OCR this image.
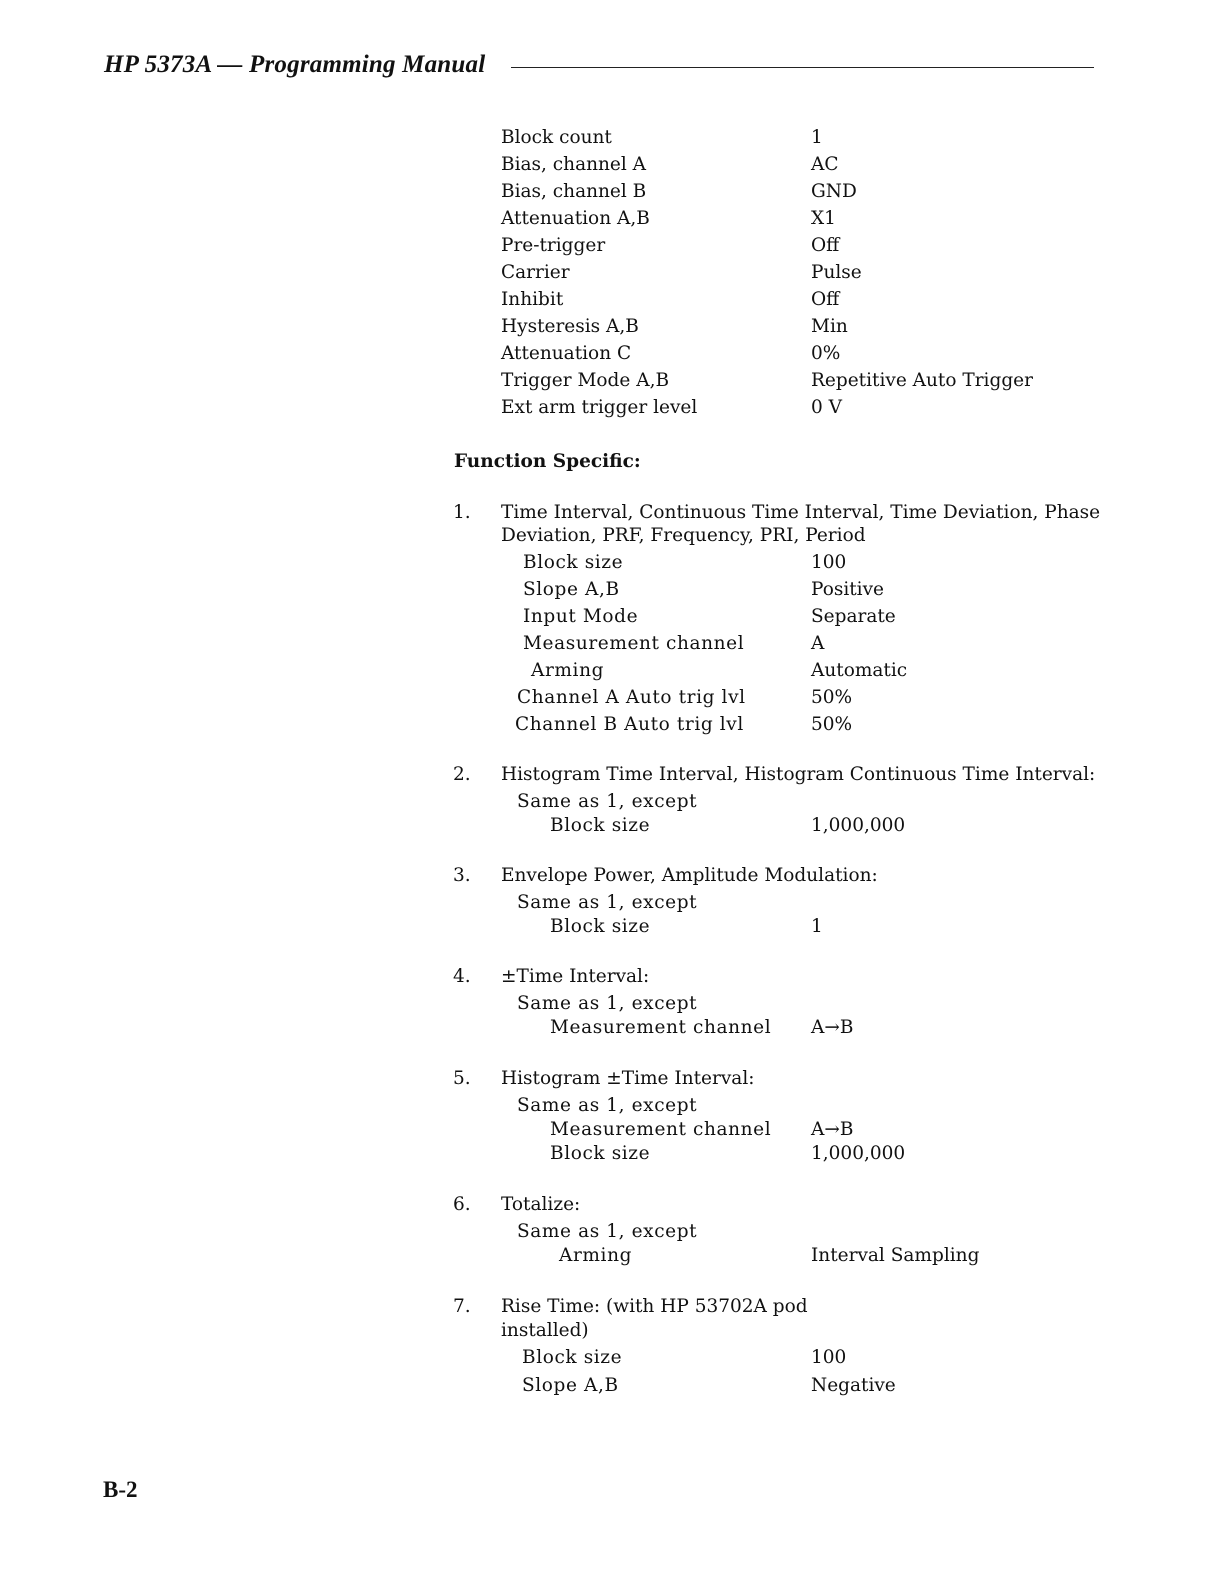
HP 5373A — Programming Manual
Block count	1
Bias, channel A	AC
Bias, channel B	GND
Attenuation A,B	X1
Pre-trigger	Off
Carrier	Pulse
Inhibit	Off
Hysteresis A,B	Min
Attenuation C	0%
Trigger Mode A,B	Repetitive Auto Trigger
Ext arm trigger level	0 V
Function Specific:
1. Time Interval, Continuous Time Interval, Time Deviation, Phase
Deviation, PRF, Frequency, PRI, Period
Block size	100
Slope A,B	Positive
Input Mode	Separate
Measurement channel	A
Arming	Automatic
Channel A Auto trig lvl	50%
Channel B Auto trig lvl	50%
2. Histogram Time Interval, Histogram Continuous Time Interval:
Same as 1, except
Block size	1,000,000
3. Envelope Power, Amplitude Modulation:
Same as 1, except
Block size	1
4. ±Time Interval:
Same as 1, except
Measurement channel A→B
5. Histogram ±Time Interval:
Same as 1, except
Measurement channel A→B
Block size	1,000,000
6. Totalize:
Same as 1, except
Arming	Interval Sampling
7. Rise Time: (with HP 53702A pod
installed)
Block size	100
Slope A,B	Negative
B-2
